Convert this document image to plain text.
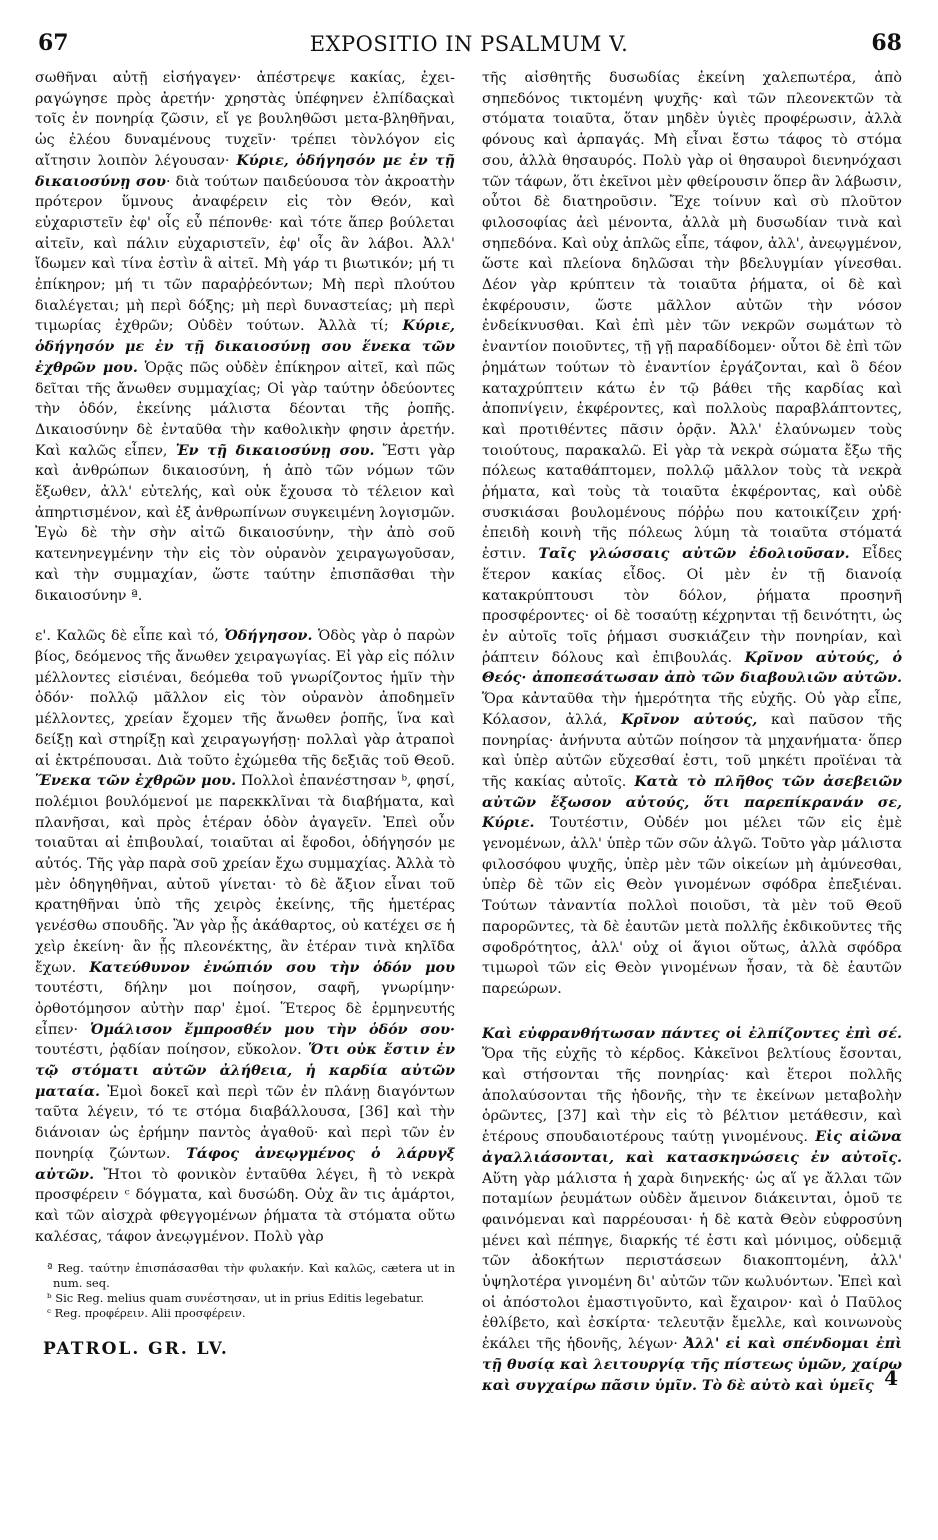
67	EXPOSITIO IN PSALMUM V.	68

σωθῆναι αὐτῇ εἰσήγαγεν· ἀπέστρεψε κακίας, ἐχει-ραγώγησε πρὸς ἀρετήν· χρηστὰς ὑπέφηνεν ἐλπίδαςκαὶ τοῖς ἐν πονηρίᾳ ζῶσιν, εἴ γε βουληθῶσι μετα-βληθῆναι, ὡς ἐλέου δυναμένους τυχεῖν· τρέπει τὸνλόγον εἰς αἴτησιν λοιπὸν λέγουσαν· Κύριε, ὁδήγησόν με ἐν τῇ δικαιοσύνῃ σου· διὰ τούτων παιδεύουσα τὸν ἀκροατὴν πρότερον ὕμνους ἀναφέρειν εἰς τὸν Θεόν, καὶ εὐχαριστεῖν ἐφ' οἷς εὖ πέπονθε· καὶ τότε ἅπερ βούλεται αἰτεῖν, καὶ πάλιν εὐχαριστεῖν, ἐφ' οἷς ἂν λάβοι. Ἀλλ' ἴδωμεν καὶ τίνα ἐστὶν ἃ αἰτεῖ. Μὴ γάρ τι βιωτικόν; μή τι ἐπίκηρον; μή τι τῶν παραῤῥεόντων; Μὴ περὶ πλούτου διαλέγεται; μὴ περὶ δόξης; μὴ περὶ δυναστείας; μὴ περὶ τιμωρίας ἐχθρῶν; Οὐδὲν τούτων. Ἀλλὰ τί; Κύριε, ὁδήγησόν με ἐν τῇ δικαιοσύνῃ σου ἕνεκα τῶν ἐχθρῶν μου. Ὁρᾷς πῶς οὐδὲν ἐπίκηρον αἰτεῖ, καὶ πῶς δεῖται τῆς ἄνωθεν συμμαχίας; Οἱ γὰρ ταύτην ὁδεύοντες τὴν ὁδόν, ἐκείνης μάλιστα δέονται τῆς ῥοπῆς. Δικαιοσύνην δὲ ἐνταῦθα τὴν καθολικὴν φησιν ἀρετήν. Καὶ καλῶς εἶπεν, Ἐν τῇ δικαιοσύνῃ σου. Ἔστι γὰρ καὶ ἀνθρώπων δικαιοσύνη, ἡ ἀπὸ τῶν νόμων τῶν ἔξωθεν, ἀλλ' εὐτελής, καὶ οὐκ ἔχουσα τὸ τέλειον καὶ ἀπηρτισμένον, καὶ ἐξ ἀνθρωπίνων συγκειμένη λογισμῶν. Ἐγὼ δὲ τὴν σὴν αἰτῶ δικαιοσύνην, τὴν ἀπὸ σοῦ κατενηνεγμένην τὴν εἰς τὸν οὐρανὸν χειραγωγοῦσαν, καὶ τὴν συμμαχίαν, ὥστε ταύτην ἐπισπᾶσθαι τὴν δικαιοσύνην ª.

ε'. Καλῶς δὲ εἶπε καὶ τό, Ὁδήγησον. Ὁδὸς γὰρ ὁ παρὼν βίος, δεόμενος τῆς ἄνωθεν χειραγωγίας. Εἰ γὰρ εἰς πόλιν μέλλοντες εἰσιέναι, δεόμεθα τοῦ γνωρίζοντος ἡμῖν τὴν ὁδόν· πολλῷ μᾶλλον εἰς τὸν οὐρανὸν ἀποδημεῖν μέλλοντες, χρείαν ἔχομεν τῆς ἄνωθεν ῥοπῆς, ἵνα καὶ δείξῃ καὶ στηρίξῃ καὶ χειραγωγήσῃ· πολλαὶ γὰρ ἀτραποὶ αἱ ἐκτρέπουσαι. Διὰ τοῦτο ἐχώμεθα τῆς δεξιᾶς τοῦ Θεοῦ. Ἕνεκα τῶν ἐχθρῶν μου. Πολλοὶ ἐπανέστησαν ᵇ, φησί, πολέμιοι βουλόμενοί με παρεκκλῖναι τὰ διαβήματα, καὶ πλανῆσαι, καὶ πρὸς ἑτέραν ὁδὸν ἀγαγεῖν. Ἐπεὶ οὖν τοιαῦται αἱ ἐπιβουλαί, τοιαῦται αἱ ἔφοδοι, ὁδήγησόν με αὐτός. Τῆς γὰρ παρὰ σοῦ χρείαν ἔχω συμμαχίας. Ἀλλὰ τὸ μὲν ὁδηγηθῆναι, αὐτοῦ γίνεται· τὸ δὲ ἄξιον εἶναι τοῦ κρατηθῆναι ὑπὸ τῆς χειρὸς ἐκείνης, τῆς ἡμετέρας γενέσθω σπουδῆς. Ἂν γὰρ ᾖς ἀκάθαρτος, οὐ κατέχει σε ἡ χεὶρ ἐκείνη· ἂν ᾖς πλεονέκτης, ἂν ἑτέραν τινὰ κηλῖδα ἔχων. Κατεύθυνον ἐνώπιόν σου τὴν ὁδόν μου τουτέστι, δήλην μοι ποίησον, σαφῆ, γνωρίμην· ὀρθοτόμησον αὐτὴν παρ' ἐμοί. Ἕτερος δὲ ἑρμηνευτής εἶπεν· Ὁμάλισον ἔμπροσθέν μου τὴν ὁδόν σου· τουτέστι, ῥᾳδίαν ποίησον, εὔκολον. Ὅτι οὐκ ἔστιν ἐν τῷ στόματι αὐτῶν ἀλήθεια, ἡ καρδία αὐτῶν ματαία. Ἐμοὶ δοκεῖ καὶ περὶ τῶν ἐν πλάνῃ διαγόντων ταῦτα λέγειν, τό τε στόμα διαβάλλουσα, [36] καὶ τὴν διάνοιαν ὡς ἐρήμην παντὸς ἀγαθοῦ· καὶ περὶ τῶν ἐν πονηρίᾳ ζώντων. Τάφος ἀνεῳγμένος ὁ λάρυγξ αὐτῶν. Ἤτοι τὸ φονικὸν ἐνταῦθα λέγει, ἢ τὸ νεκρὰ προσφέρειν ᶜ δόγματα, καὶ δυσώδη. Οὐχ ἂν τις ἁμάρτοι, καὶ τῶν αἰσχρὰ φθεγγομένων ῥήματα τὰ στόματα οὕτω καλέσας, τάφον ἀνεῳγμένον. Πολὺ γὰρ

ª Reg. ταύτην ἐπισπάσασθαι τὴν φυλακήν. Καὶ καλῶς, cætera ut in num. seq.

ᵇ Sic Reg. melius quam συνέστησαν, ut in prius Editis legebatur.

ᶜ Reg. προφέρειν. Alii προσφέρειν.

PATROL. GR. LV.

τῆς αἰσθητῆς δυσωδίας ἐκείνη χαλεπωτέρα, ἀπὸ σηπεδόνος τικτομένη ψυχῆς· καὶ τῶν πλεονεκτῶν τὰ στόματα τοιαῦτα, ὅταν μηδὲν ὑγιὲς προφέρωσιν, ἀλλὰ φόνους καὶ ἁρπαγάς. Μὴ εἶναι ἔστω τάφος τὸ στόμα σου, ἀλλὰ θησαυρός. Πολὺ γὰρ οἱ θησαυροὶ διενηνόχασι τῶν τάφων, ὅτι ἐκεῖνοι μὲν φθείρουσιν ὅπερ ἂν λάβωσιν, οὗτοι δὲ διατηροῦσιν. Ἔχε τοίνυν καὶ σὺ πλοῦτον φιλοσοφίας ἀεὶ μένοντα, ἀλλὰ μὴ δυσωδίαν τινὰ καὶ σηπεδόνα. Καὶ οὐχ ἁπλῶς εἶπε, τάφον, ἀλλ', ἀνεῳγμένον, ὥστε καὶ πλείονα δηλῶσαι τὴν βδελυγμίαν γίνεσθαι. Δέον γὰρ κρύπτειν τὰ τοιαῦτα ῥήματα, οἱ δὲ καὶ ἐκφέρουσιν, ὥστε μᾶλλον αὐτῶν τὴν νόσον ἐνδείκνυσθαι. Καὶ ἐπὶ μὲν τῶν νεκρῶν σωμάτων τὸ ἐναντίον ποιοῦντες, τῇ γῇ παραδίδομεν· οὗτοι δὲ ἐπὶ τῶν ῥημάτων τούτων τὸ ἐναντίον ἐργάζονται, καὶ ὃ δέον καταχρύπτειν κάτω ἐν τῷ βάθει τῆς καρδίας καὶ ἀποπνίγειν, ἐκφέροντες, καὶ πολλοὺς παραβλάπτοντες, καὶ προτιθέντες πᾶσιν ὁρᾷν. Ἀλλ' ἐλαύνωμεν τοὺς τοιούτους, παρακαλῶ. Εἰ γὰρ τὰ νεκρὰ σώματα ἔξω τῆς πόλεως καταθάπτομεν, πολλῷ μᾶλλον τοὺς τὰ νεκρὰ ῥήματα, καὶ τοὺς τὰ τοιαῦτα ἐκφέροντας, καὶ οὐδὲ συσκιάσαι βουλομένους πόῤῥω που κατοικίζειν χρή· ἐπειδὴ κοινὴ τῆς πόλεως λύμη τὰ τοιαῦτα στόματά ἐστιν. Ταῖς γλώσσαις αὐτῶν ἐδολιοῦσαν. Εἶδες ἕτερον κακίας εἶδος. Οἱ μὲν ἐν τῇ διανοίᾳ κατακρύπτουσι τὸν δόλον, ῥήματα προσηνῆ προσφέροντες· οἱ δὲ τοσαύτῃ κέχρηνται τῇ δεινότητι, ὡς ἐν αὐτοῖς τοῖς ῥήμασι συσκιάζειν τὴν πονηρίαν, καὶ ῥάπτειν δόλους καὶ ἐπιβουλάς. Κρῖνον αὐτούς, ὁ Θεός· ἀποπεσάτωσαν ἀπὸ τῶν διαβουλιῶν αὐτῶν. Ὅρα κἀνταῦθα τὴν ἡμερότητα τῆς εὐχῆς. Οὐ γὰρ εἶπε, Κόλασον, ἀλλά, Κρῖνον αὐτούς, καὶ παῦσον τῆς πονηρίας· ἀνήνυτα αὐτῶν ποίησον τὰ μηχανήματα· ὅπερ καὶ ὑπὲρ αὐτῶν εὔχεσθαί ἐστι, τοῦ μηκέτι προϊέναι τὰ τῆς κακίας αὐτοῖς. Κατὰ τὸ πλῆθος τῶν ἀσεβειῶν αὐτῶν ἔξωσον αὐτούς, ὅτι παρεπίκρανάν σε, Κύριε. Τουτέστιν, Οὐδέν μοι μέλει τῶν εἰς ἐμὲ γενομένων, ἀλλ' ὑπὲρ τῶν σῶν ἀλγῶ. Τοῦτο γὰρ μάλιστα φιλοσόφου ψυχῆς, ὑπὲρ μὲν τῶν οἰκείων μὴ ἀμύνεσθαι, ὑπὲρ δὲ τῶν εἰς Θεὸν γινομένων σφόδρα ἐπεξιέναι. Τούτων τἀναντία πολλοὶ ποιοῦσι, τὰ μὲν τοῦ Θεοῦ παρορῶντες, τὰ δὲ ἑαυτῶν μετὰ πολλῆς ἐκδικοῦντες τῆς σφοδρότητος, ἀλλ' οὐχ οἱ ἅγιοι οὕτως, ἀλλὰ σφόδρα τιμωροὶ τῶν εἰς Θεὸν γινομένων ἦσαν, τὰ δὲ ἑαυτῶν παρεώρων.

Καὶ εὐφρανθήτωσαν πάντες οἱ ἐλπίζοντες ἐπὶ σέ. Ὅρα τῆς εὐχῆς τὸ κέρδος. Κἀκεῖνοι βελτίους ἔσονται, καὶ στήσονται τῆς πονηρίας· καὶ ἕτεροι πολλῆς ἀπολαύσονται τῆς ἡδονῆς, τὴν τε ἐκείνων μεταβολὴν ὁρῶντες, [37] καὶ τὴν εἰς τὸ βέλτιον μετάθεσιν, καὶ ἑτέρους σπουδαιοτέρους ταύτῃ γινομένους. Εἰς αἰῶνα ἀγαλλιάσονται, καὶ κατασκηνώσεις ἐν αὐτοῖς. Αὕτη γὰρ μάλιστα ἡ χαρὰ διηνεκής· ὡς αἵ γε ἄλλαι τῶν ποταμίων ῥευμάτων οὐδὲν ἄμεινον διάκεινται, ὁμοῦ τε φαινόμεναι καὶ παρρέουσαι· ἡ δὲ κατὰ Θεὸν εὐφροσύνη μένει καὶ πέπηγε, διαρκής τέ ἐστι καὶ μόνιμος, οὐδεμιᾷ τῶν ἀδοκήτων περιστάσεων διακοπτομένη, ἀλλ' ὑψηλοτέρα γινομένη δι' αὐτῶν τῶν κωλυόντων. Ἐπεὶ καὶ οἱ ἀπόστολοι ἐμαστιγοῦντο, καὶ ἔχαιρον· καὶ ὁ Παῦλος ἐθλίβετο, καὶ ἐσκίρτα· τελευτᾷν ἔμελλε, καὶ κοινωνοὺς ἐκάλει τῆς ἡδονῆς, λέγων· Ἀλλ' εἰ καὶ σπένδομαι ἐπὶ τῇ θυσίᾳ καὶ λειτουργίᾳ τῆς πίστεως ὑμῶν, χαίρω καὶ συγχαίρω πᾶσιν ὑμῖν. Τὸ δὲ αὐτὸ καὶ ὑμεῖς 4
